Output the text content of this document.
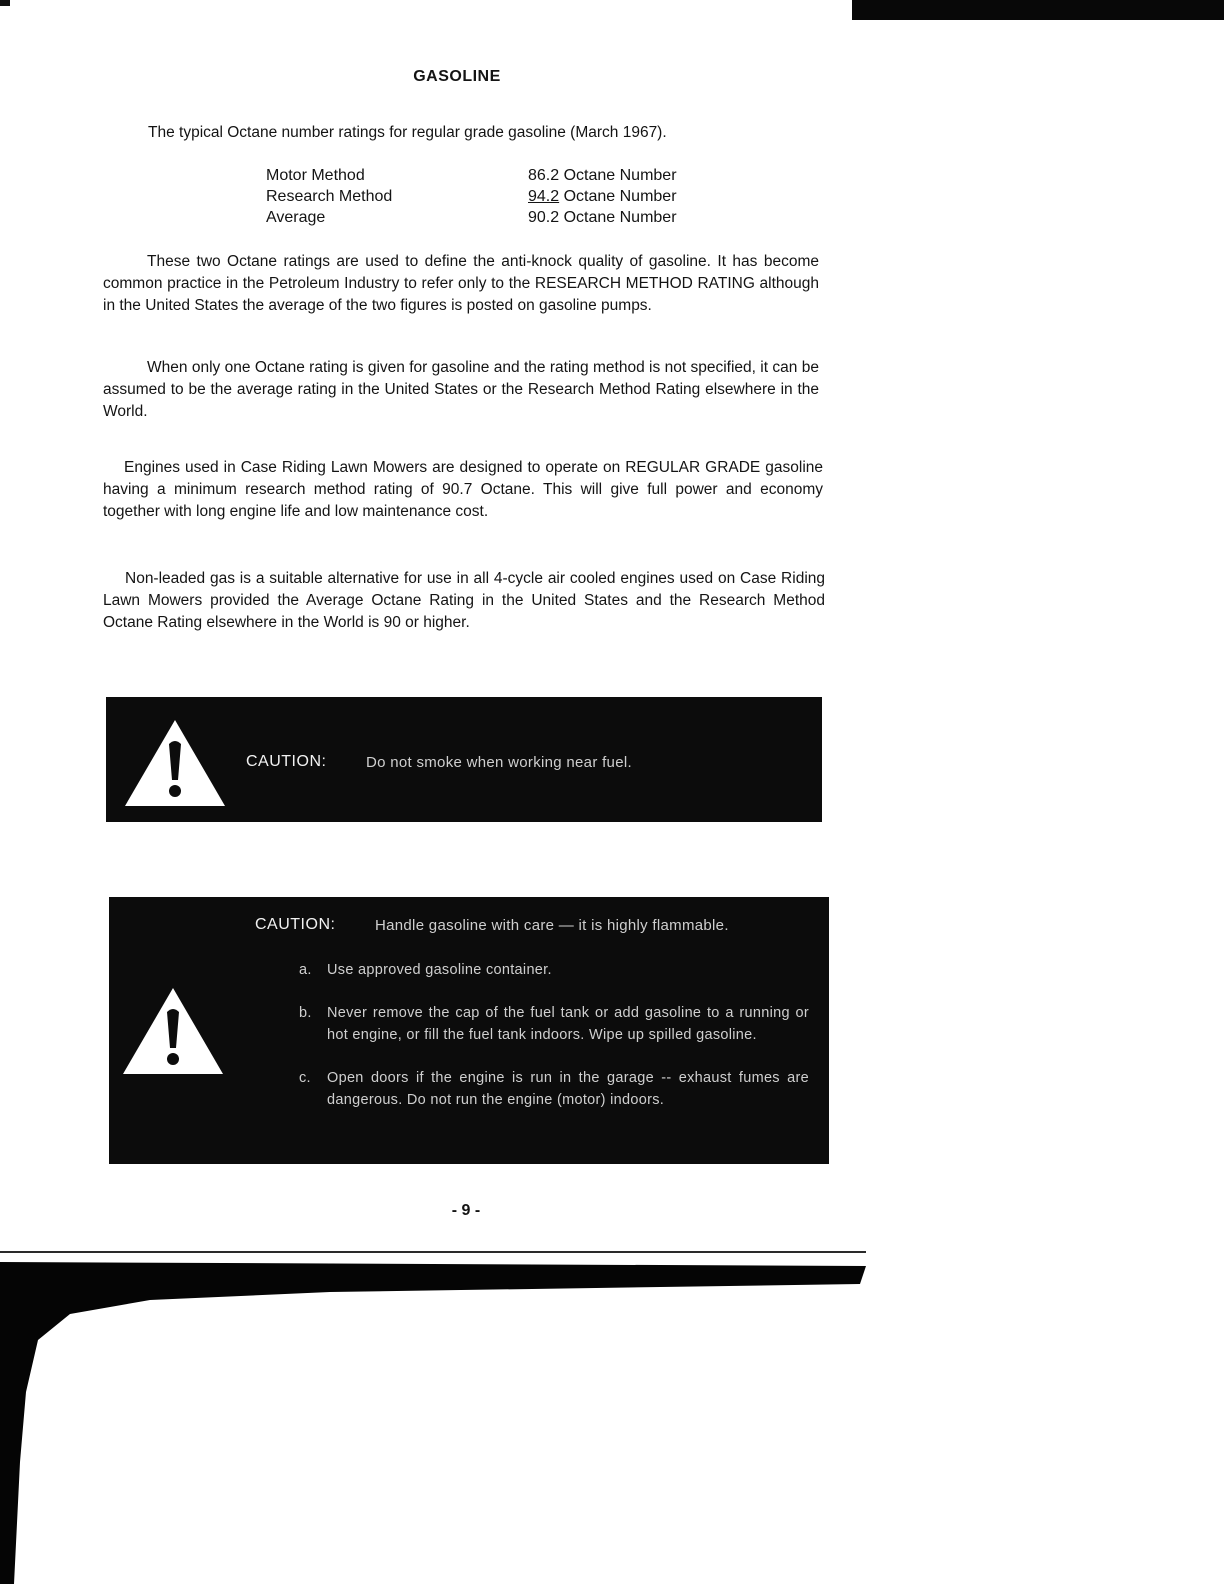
GASOLINE
The typical Octane number ratings for regular grade gasoline (March 1967).
Motor Method	86.2 Octane Number
Research Method	94.2 Octane Number
Average	90.2 Octane Number
These two Octane ratings are used to define the anti-knock quality of gasoline. It has become common practice in the Petroleum Industry to refer only to the RESEARCH METHOD RATING although in the United States the average of the two figures is posted on gasoline pumps.
When only one Octane rating is given for gasoline and the rating method is not specified, it can be assumed to be the average rating in the United States or the Research Method Rating elsewhere in the World.
Engines used in Case Riding Lawn Mowers are designed to operate on REGULAR GRADE gasoline having a minimum research method rating of 90.7 Octane. This will give full power and economy together with long engine life and low maintenance cost.
Non-leaded gas is a suitable alternative for use in all 4-cycle air cooled engines used on Case Riding Lawn Mowers provided the Average Octane Rating in the United States and the Research Method Octane Rating elsewhere in the World is 90 or higher.
CAUTION:	Do not smoke when working near fuel.
CAUTION:	Handle gasoline with care — it is highly flammable.
a.	Use approved gasoline container.
b.	Never remove the cap of the fuel tank or add gasoline to a running or hot engine, or fill the fuel tank indoors. Wipe up spilled gasoline.
c.	Open doors if the engine is run in the garage -- exhaust fumes are dangerous. Do not run the engine (motor) indoors.
- 9 -
